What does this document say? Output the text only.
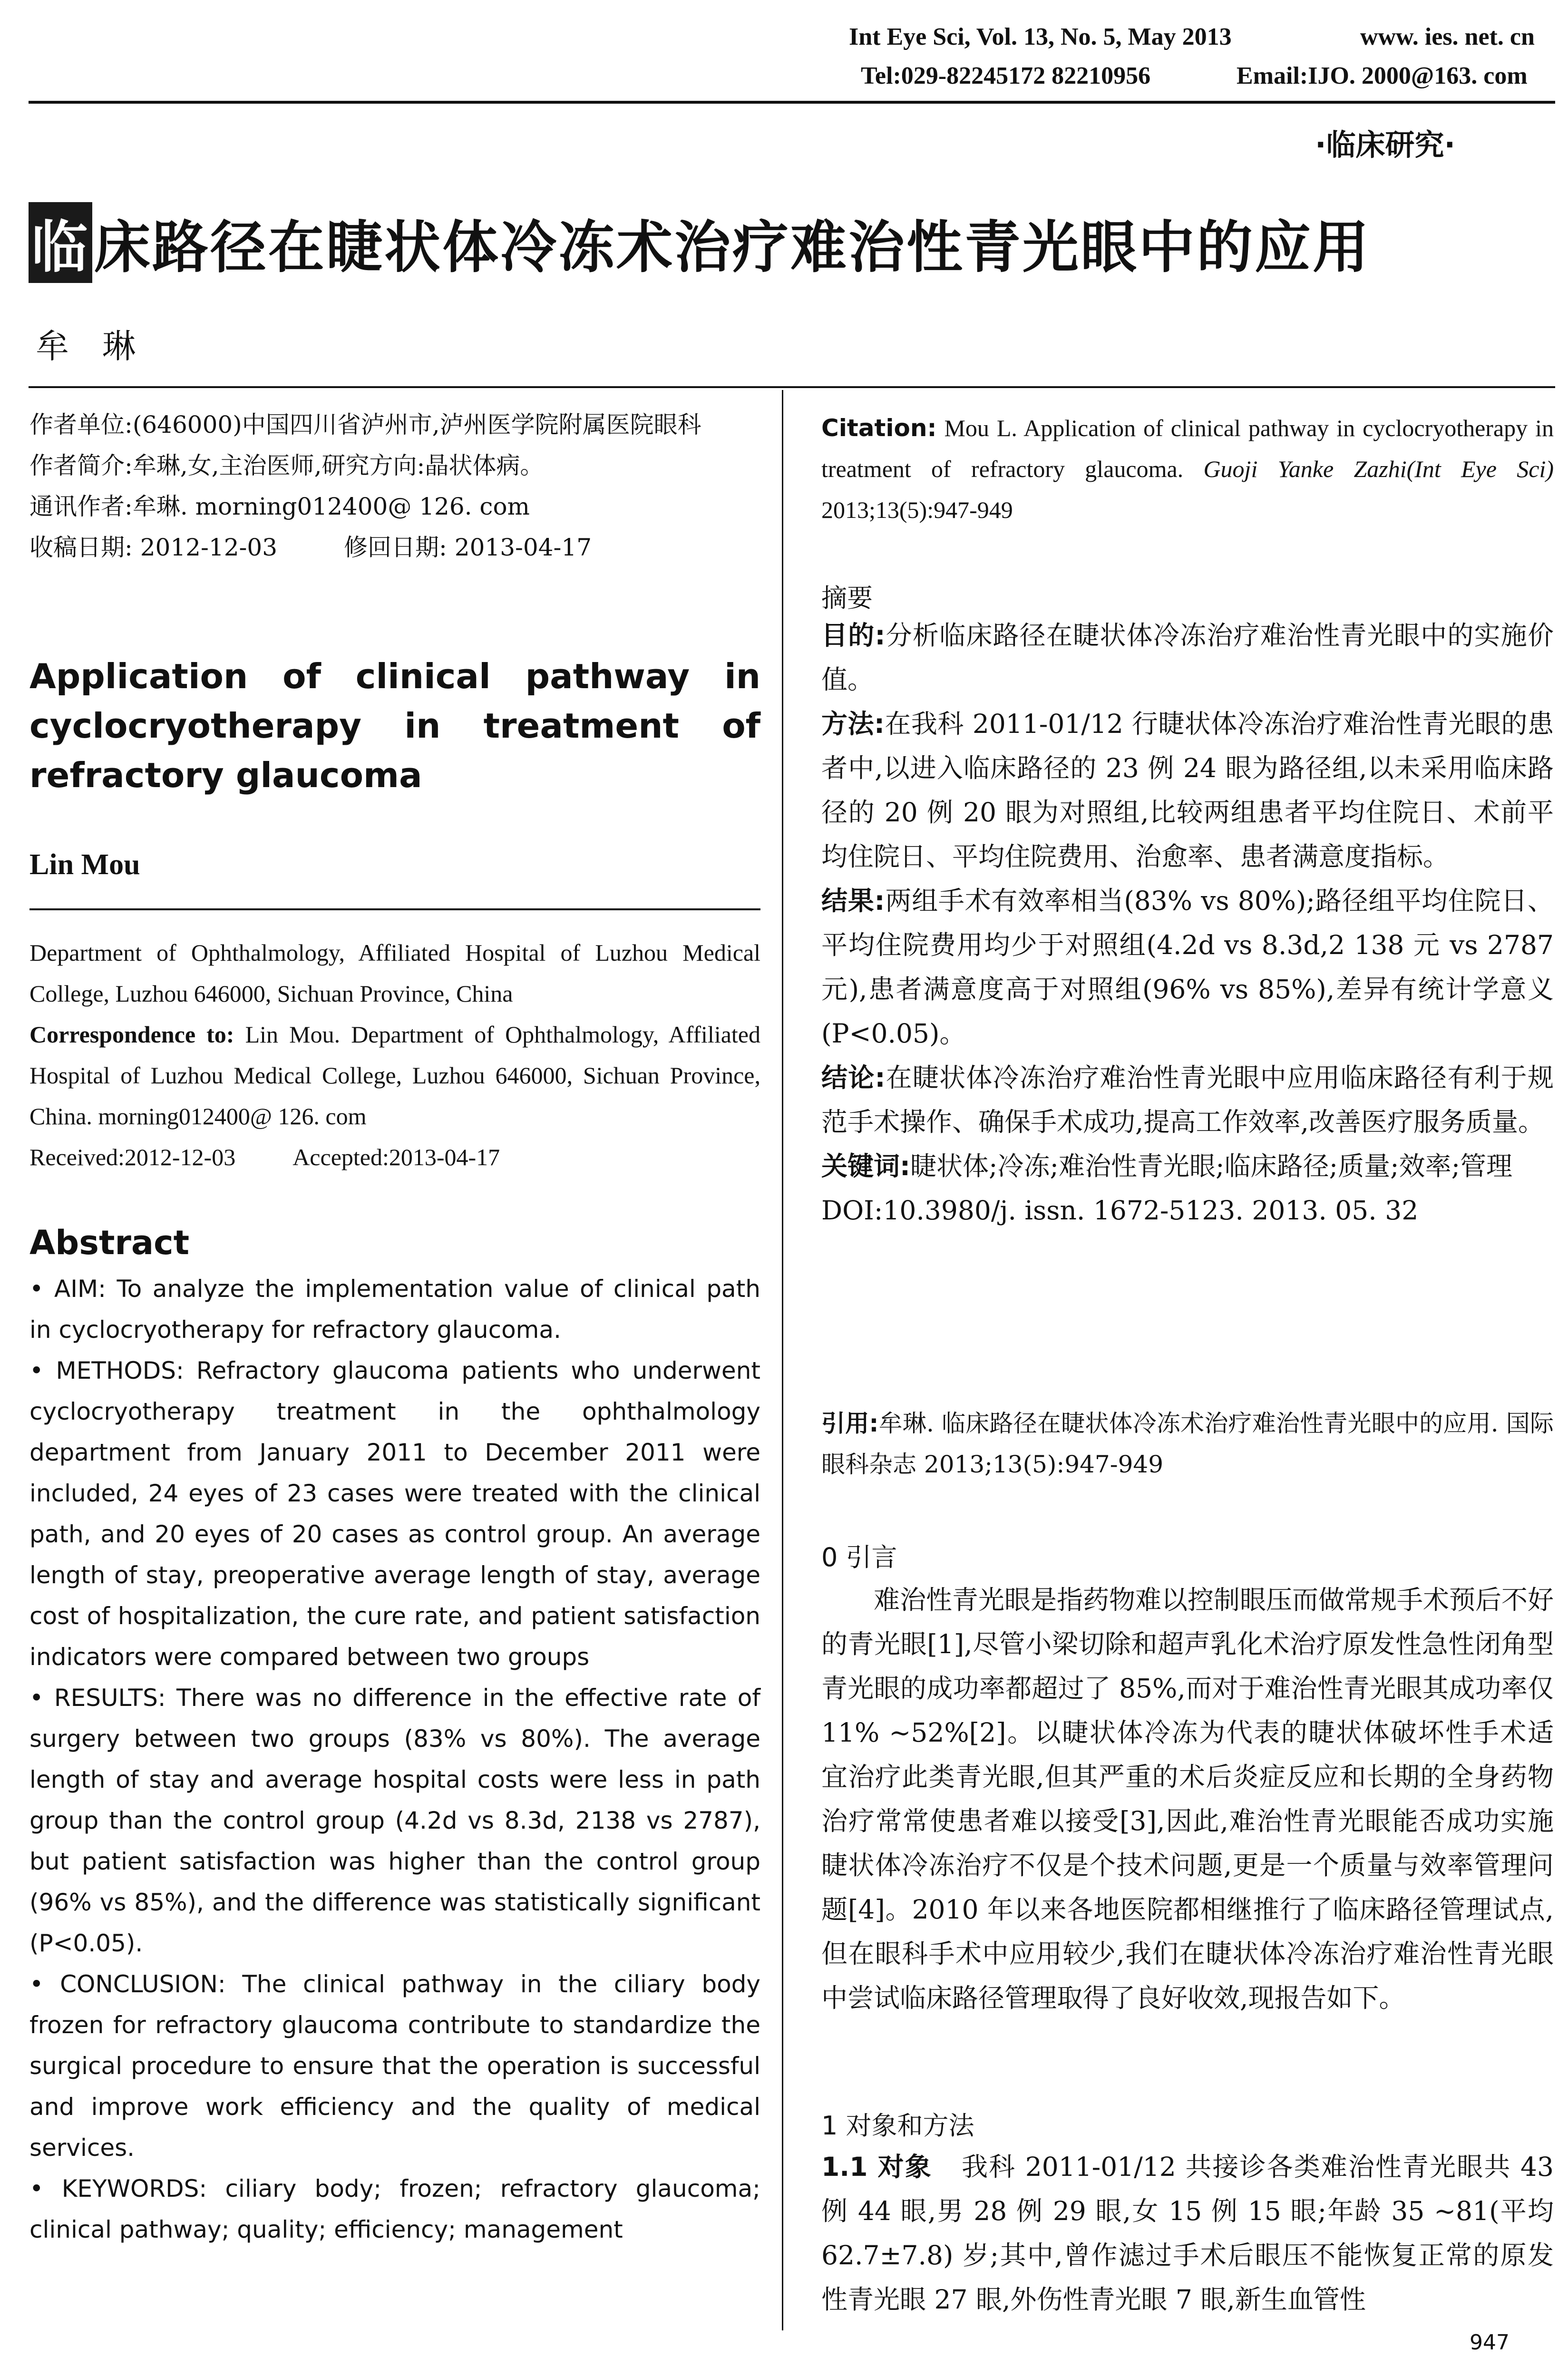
Int Eye Sci, Vol. 13, No. 5, May 2013	www. ies. net. cn
Tel:029-82245172 82210956	Email:IJO. 2000@163. com
·临床研究·
临床路径在睫状体冷冻术治疗难治性青光眼中的应用
牟　琳

作者单位:(646000)中国四川省泸州市,泸州医学院附属医院眼科

作者简介:牟琳,女,主治医师,研究方向:晶状体病。

通讯作者:牟琳. morning012400@ 126. com

收稿日期: 2012-12-03	修回日期: 2013-04-17

Application of clinical pathway in cyclocryotherapy in treatment of refractory glaucoma
Lin Mou

Department of Ophthalmology, Affiliated Hospital of Luzhou Medical College, Luzhou 646000, Sichuan Province, China

Correspondence to: Lin Mou. Department of Ophthalmology, Affiliated Hospital of Luzhou Medical College, Luzhou 646000, Sichuan Province, China. morning012400@ 126. com

Received:2012-12-03 Accepted:2013-04-17

Abstract

• AIM: To analyze the implementation value of clinical path in cyclocryotherapy for refractory glaucoma.

• METHODS: Refractory glaucoma patients who underwent cyclocryotherapy treatment in the ophthalmology department from January 2011 to December 2011 were included, 24 eyes of 23 cases were treated with the clinical path, and 20 eyes of 20 cases as control group. An average length of stay, preoperative average length of stay, average cost of hospitalization, the cure rate, and patient satisfaction indicators were compared between two groups

• RESULTS: There was no difference in the effective rate of surgery between two groups (83% vs 80%). The average length of stay and average hospital costs were less in path group than the control group (4.2d vs 8.3d, 2138 vs 2787), but patient satisfaction was higher than the control group (96% vs 85%), and the difference was statistically significant (P<0.05).

• CONCLUSION: The clinical pathway in the ciliary body frozen for refractory glaucoma contribute to standardize the surgical procedure to ensure that the operation is successful and improve work efficiency and the quality of medical services.

• KEYWORDS: ciliary body; frozen; refractory glaucoma; clinical pathway; quality; efficiency; management

Citation: Mou L. Application of clinical pathway in cyclocryotherapy in treatment of refractory glaucoma. Guoji Yanke Zazhi(Int Eye Sci) 2013;13(5):947-949
摘要

目的:分析临床路径在睫状体冷冻治疗难治性青光眼中的实施价值。

方法:在我科 2011-01/12 行睫状体冷冻治疗难治性青光眼的患者中,以进入临床路径的 23 例 24 眼为路径组,以未采用临床路径的 20 例 20 眼为对照组,比较两组患者平均住院日、术前平均住院日、平均住院费用、治愈率、患者满意度指标。

结果:两组手术有效率相当(83% vs 80%);路径组平均住院日、平均住院费用均少于对照组(4.2d vs 8.3d,2 138 元 vs 2787 元),患者满意度高于对照组(96% vs 85%),差异有统计学意义(P<0.05)。

结论:在睫状体冷冻治疗难治性青光眼中应用临床路径有利于规范手术操作、确保手术成功,提高工作效率,改善医疗服务质量。

关键词:睫状体;冷冻;难治性青光眼;临床路径;质量;效率;管理

DOI:10.3980/j. issn. 1672-5123. 2013. 05. 32

引用:牟琳. 临床路径在睫状体冷冻术治疗难治性青光眼中的应用. 国际眼科杂志 2013;13(5):947-949
0 引言

难治性青光眼是指药物难以控制眼压而做常规手术预后不好的青光眼[1],尽管小梁切除和超声乳化术治疗原发性急性闭角型青光眼的成功率都超过了 85%,而对于难治性青光眼其成功率仅 11% ~52%[2]。以睫状体冷冻为代表的睫状体破坏性手术适宜治疗此类青光眼,但其严重的术后炎症反应和长期的全身药物治疗常常使患者难以接受[3],因此,难治性青光眼能否成功实施睫状体冷冻治疗不仅是个技术问题,更是一个质量与效率管理问题[4]。2010 年以来各地医院都相继推行了临床路径管理试点,但在眼科手术中应用较少,我们在睫状体冷冻治疗难治性青光眼中尝试临床路径管理取得了良好收效,现报告如下。

1 对象和方法

1.1 对象 我科 2011-01/12 共接诊各类难治性青光眼共 43 例 44 眼,男 28 例 29 眼,女 15 例 15 眼;年龄 35 ~81(平均 62.7±7.8) 岁;其中,曾作滤过手术后眼压不能恢复正常的原发性青光眼 27 眼,外伤性青光眼 7 眼,新生血管性

947
